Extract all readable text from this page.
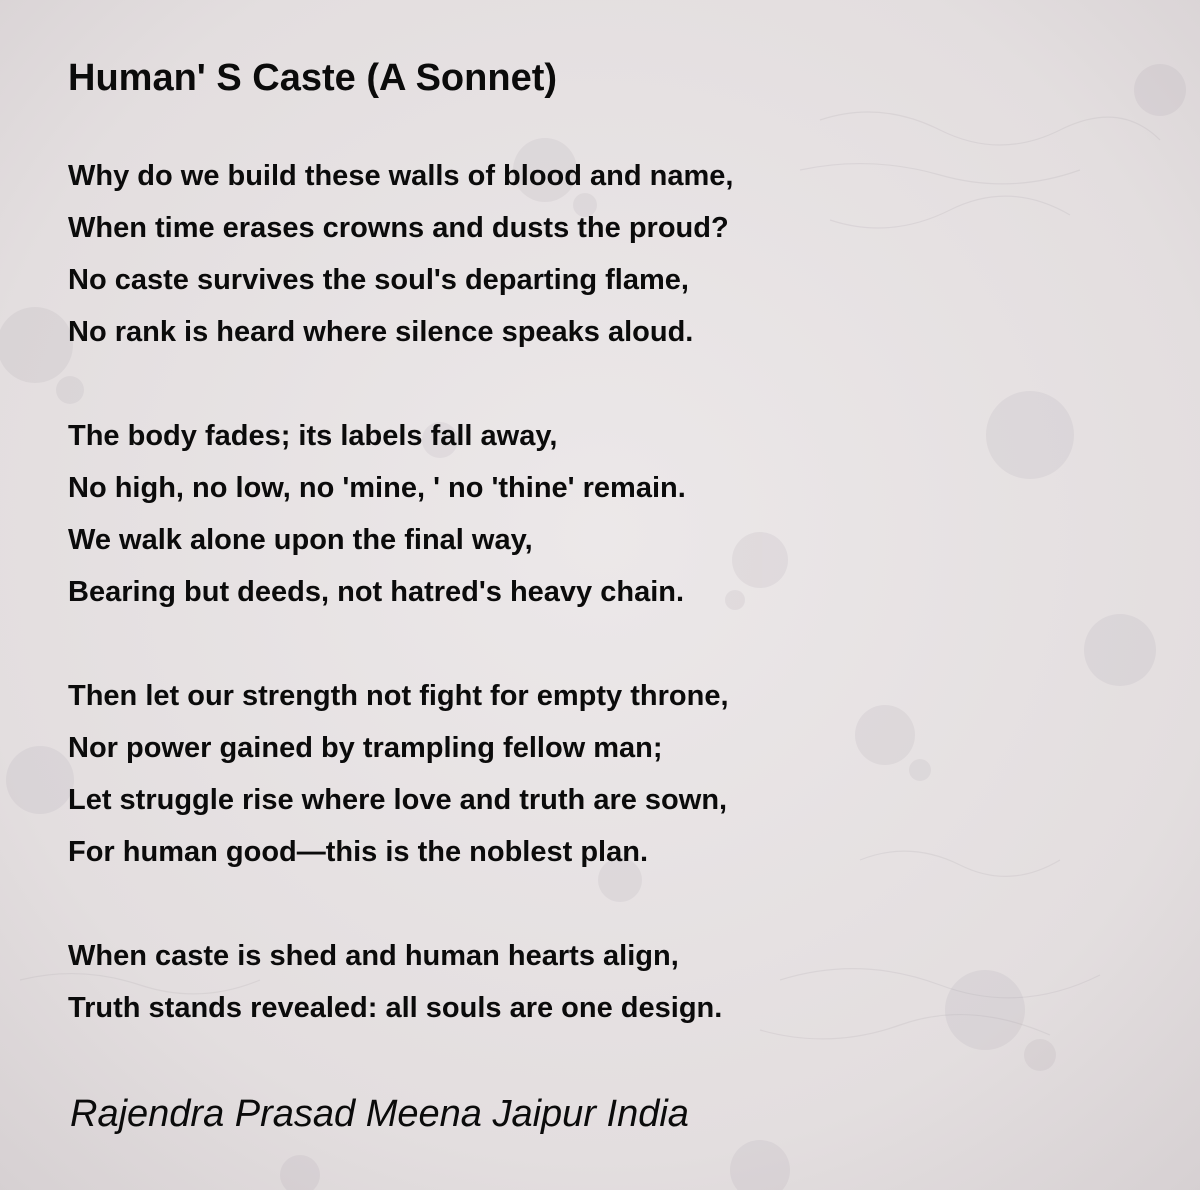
Human' S Caste (A Sonnet)
Why do we build these walls of blood and name,
When time erases crowns and dusts the proud?
No caste survives the soul's departing flame,
No rank is heard where silence speaks aloud.
The body fades; its labels fall away,
No high, no low, no 'mine, ' no 'thine' remain.
We walk alone upon the final way,
Bearing but deeds, not hatred's heavy chain.
Then let our strength not fight for empty throne,
Nor power gained by trampling fellow man;
Let struggle rise where love and truth are sown,
For human good—this is the noblest plan.
When caste is shed and human hearts align,
Truth stands revealed: all souls are one design.
Rajendra Prasad Meena Jaipur India
